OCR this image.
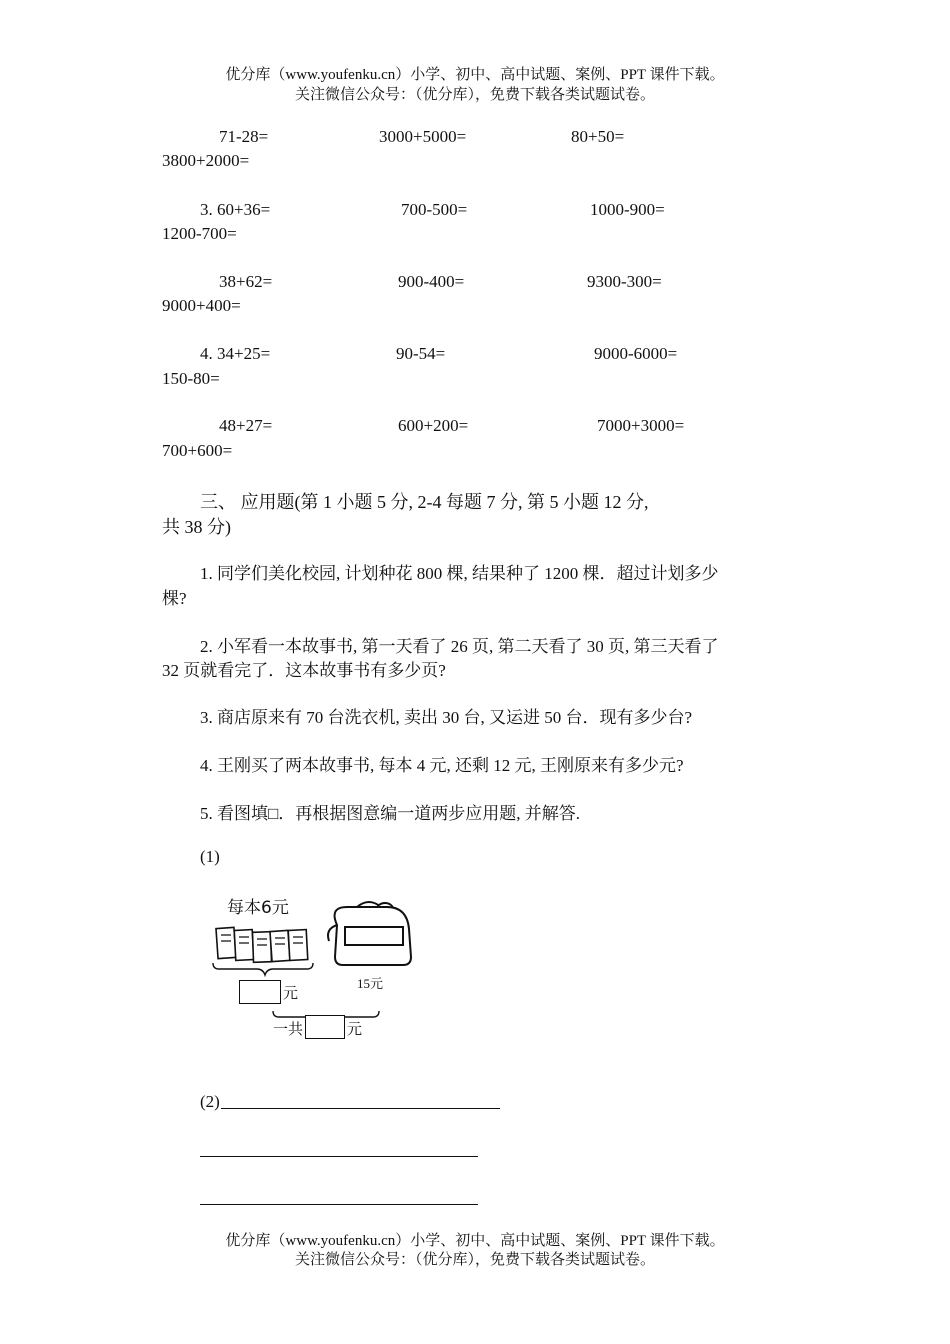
优分库（www.youfenku.cn）小学、初中、高中试题、案例、PPT 课件下载。
关注微信公众号：（优分库），免费下载各类试题试卷。
71-28=	3000+5000=	80+50=
3800+2000=
3. 60+36=	700-500=	1000-900=
1200-700=
38+62=	900-400=	9300-300=
9000+400=
4. 34+25=	90-54=	9000-6000=
150-80=
48+27=	600+200=	7000+3000=
700+600=
三、 应用题(第 1 小题 5 分, 2-4 每题 7 分, 第 5 小题 12 分,
共 38 分)
1. 同学们美化校园, 计划种花 800 棵, 结果种了 1200 棵．超过计划多少
棵?
2. 小军看一本故事书, 第一天看了 26 页, 第二天看了 30 页, 第三天看了
32 页就看完了．这本故事书有多少页?
3. 商店原来有 70 台洗衣机, 卖出 30 台, 又运进 50 台．现有多少台?
4. 王刚买了两本故事书, 每本 4 元, 还剩 12 元, 王刚原来有多少元?
5. 看图填□．再根据图意编一道两步应用题, 并解答.
(1)
每本6元
元
15元
一共	元
(2)
优分库（www.youfenku.cn）小学、初中、高中试题、案例、PPT 课件下载。
关注微信公众号：（优分库），免费下载各类试题试卷。
